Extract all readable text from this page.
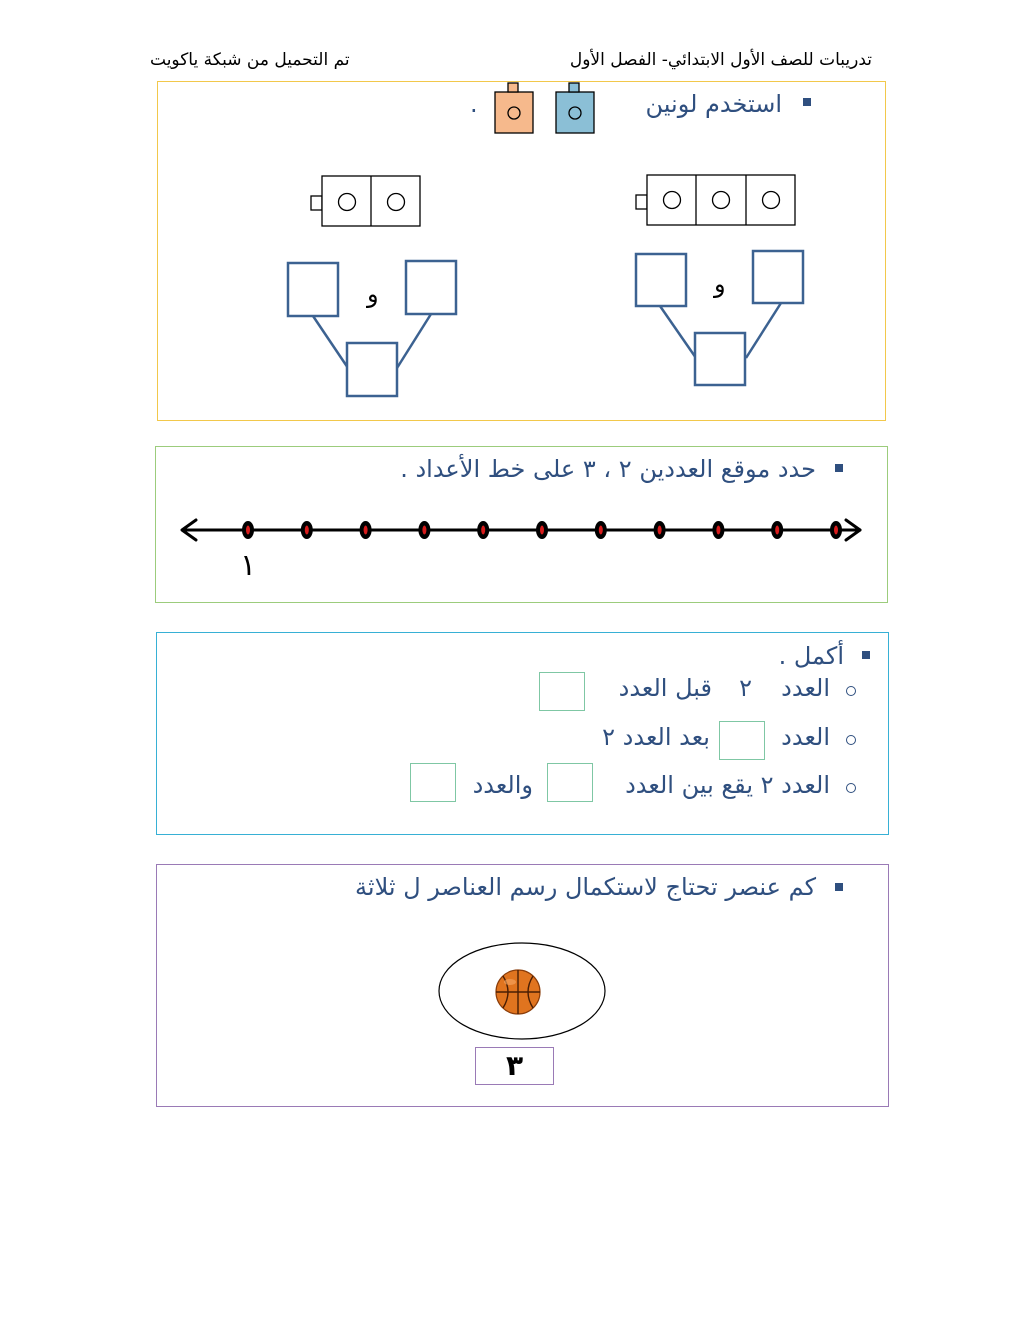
تدريبات للصف الأول الابتدائي- الفصل الأول
تم التحميل من شبكة ياكويت
استخدم لونين
.
و
و
حدد موقع العددين ٢ ، ٣ على خط الأعداد .
١
أكمل .
العدد
٢
قبل العدد
العدد
بعد العدد ٢
العدد ٢ يقع بين العدد
والعدد
كم عنصر تحتاج لاستكمال رسم العناصر ل ثلاثة
٣
